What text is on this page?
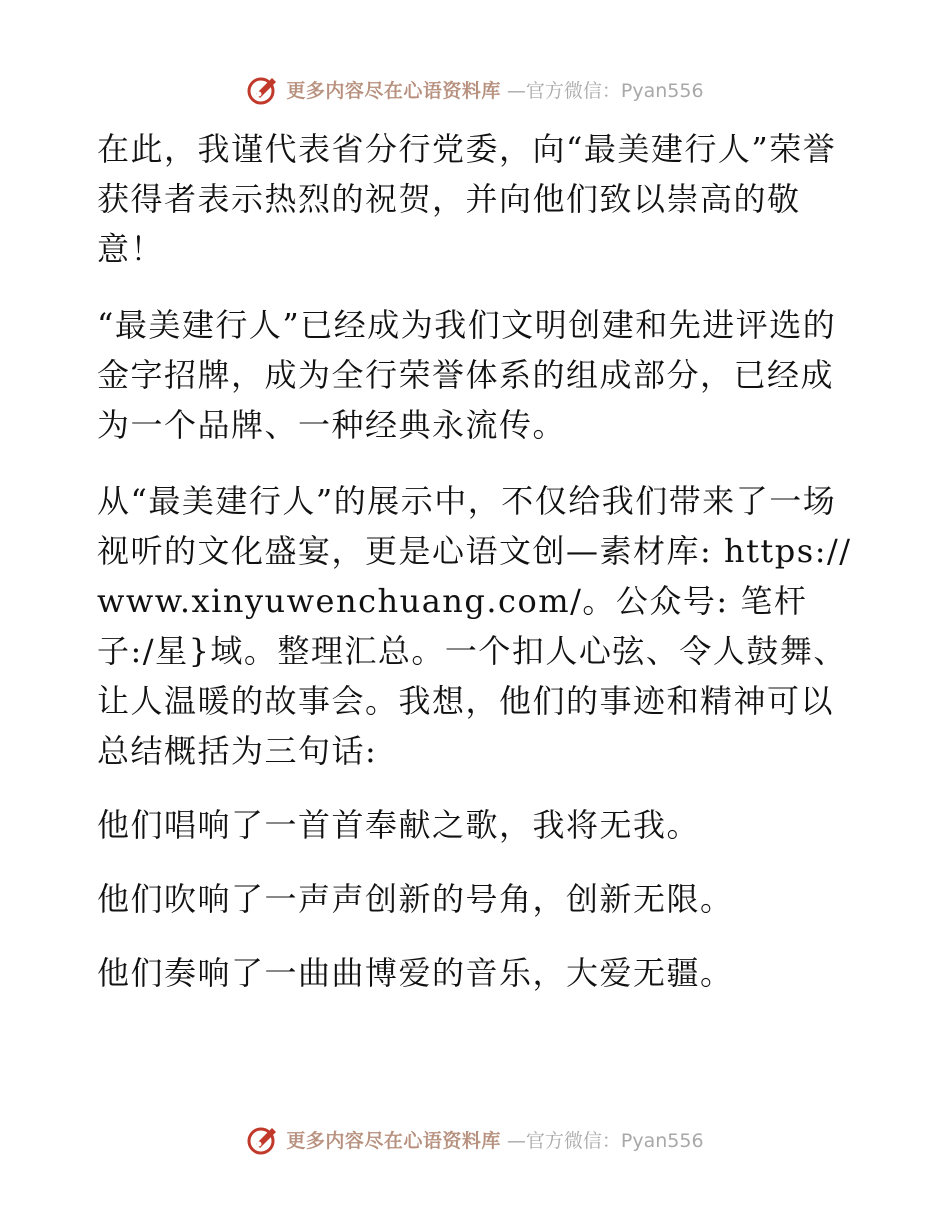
更多内容尽在心语资料库 —官方微信：Pyan556

在此，我谨代表省分行党委，向“最美建行人”荣誉获得者表示热烈的祝贺，并向他们致以崇高的敬意！

“最美建行人”已经成为我们文明创建和先进评选的金字招牌，成为全行荣誉体系的组成部分，已经成为一个品牌、一种经典永流传。

从“最美建行人”的展示中，不仅给我们带来了一场视听的文化盛宴，更是心语文创—素材库: https://www.xinyuwenchuang.com/。公众号: 笔杆子:/星}域。整理汇总。一个扣人心弦、令人鼓舞、让人温暖的故事会。我想，他们的事迹和精神可以总结概括为三句话:

他们唱响了一首首奉献之歌，我将无我。

他们吹响了一声声创新的号角，创新无限。

他们奏响了一曲曲博爱的音乐，大爱无疆。

更多内容尽在心语资料库 —官方微信：Pyan556
